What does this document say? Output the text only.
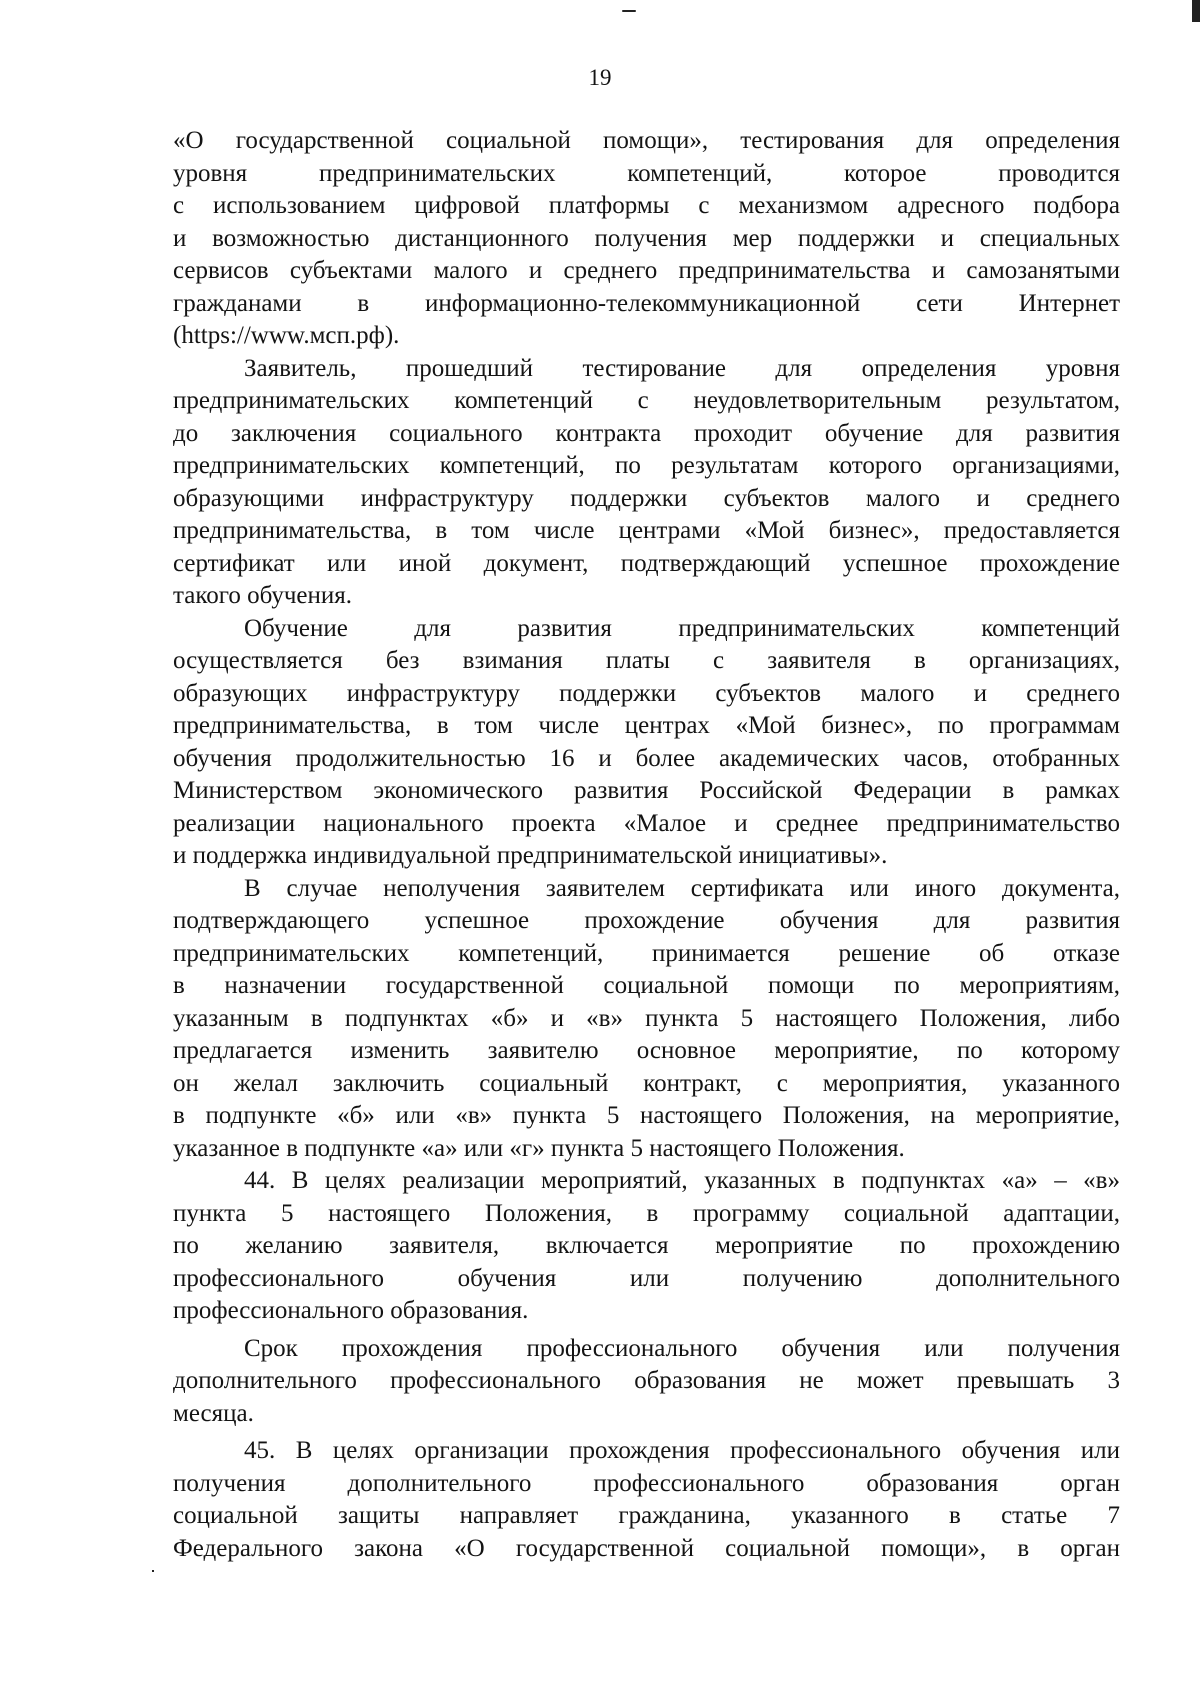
19
«О государственной социальной помощи», тестирования для определения
уровня предпринимательских компетенций, которое проводится
с использованием цифровой платформы с механизмом адресного подбора
и возможностью дистанционного получения мер поддержки и специальных
сервисов субъектами малого и среднего предпринимательства и самозанятыми
гражданами в информационно-телекоммуникационной сети Интернет
(https://www.мсп.рф).
Заявитель, прошедший тестирование для определения уровня
предпринимательских компетенций с неудовлетворительным результатом,
до заключения социального контракта проходит обучение для развития
предпринимательских компетенций, по результатам которого организациями,
образующими инфраструктуру поддержки субъектов малого и среднего
предпринимательства, в том числе центрами «Мой бизнес», предоставляется
сертификат или иной документ, подтверждающий успешное прохождение
такого обучения.
Обучение для развития предпринимательских компетенций
осуществляется без взимания платы с заявителя в организациях,
образующих инфраструктуру поддержки субъектов малого и среднего
предпринимательства, в том числе центрах «Мой бизнес», по программам
обучения продолжительностью 16 и более академических часов, отобранных
Министерством экономического развития Российской Федерации в рамках
реализации национального проекта «Малое и среднее предпринимательство
и поддержка индивидуальной предпринимательской инициативы».
В случае неполучения заявителем сертификата или иного документа,
подтверждающего успешное прохождение обучения для развития
предпринимательских компетенций, принимается решение об отказе
в назначении государственной социальной помощи по мероприятиям,
указанным в подпунктах «б» и «в» пункта 5 настоящего Положения, либо
предлагается изменить заявителю основное мероприятие, по которому
он желал заключить социальный контракт, с мероприятия, указанного
в подпункте «б» или «в» пункта 5 настоящего Положения, на мероприятие,
указанное в подпункте «а» или «г» пункта 5 настоящего Положения.
44. В целях реализации мероприятий, указанных в подпунктах «а» – «в»
пункта 5 настоящего Положения, в программу социальной адаптации,
по желанию заявителя, включается мероприятие по прохождению
профессионального обучения или получению дополнительного
профессионального образования.
Срок прохождения профессионального обучения или получения
дополнительного профессионального образования не может превышать 3
месяца.
45. В целях организации прохождения профессионального обучения или
получения дополнительного профессионального образования орган
социальной защиты направляет гражданина, указанного в статье 7
Федерального закона «О государственной социальной помощи», в орган
